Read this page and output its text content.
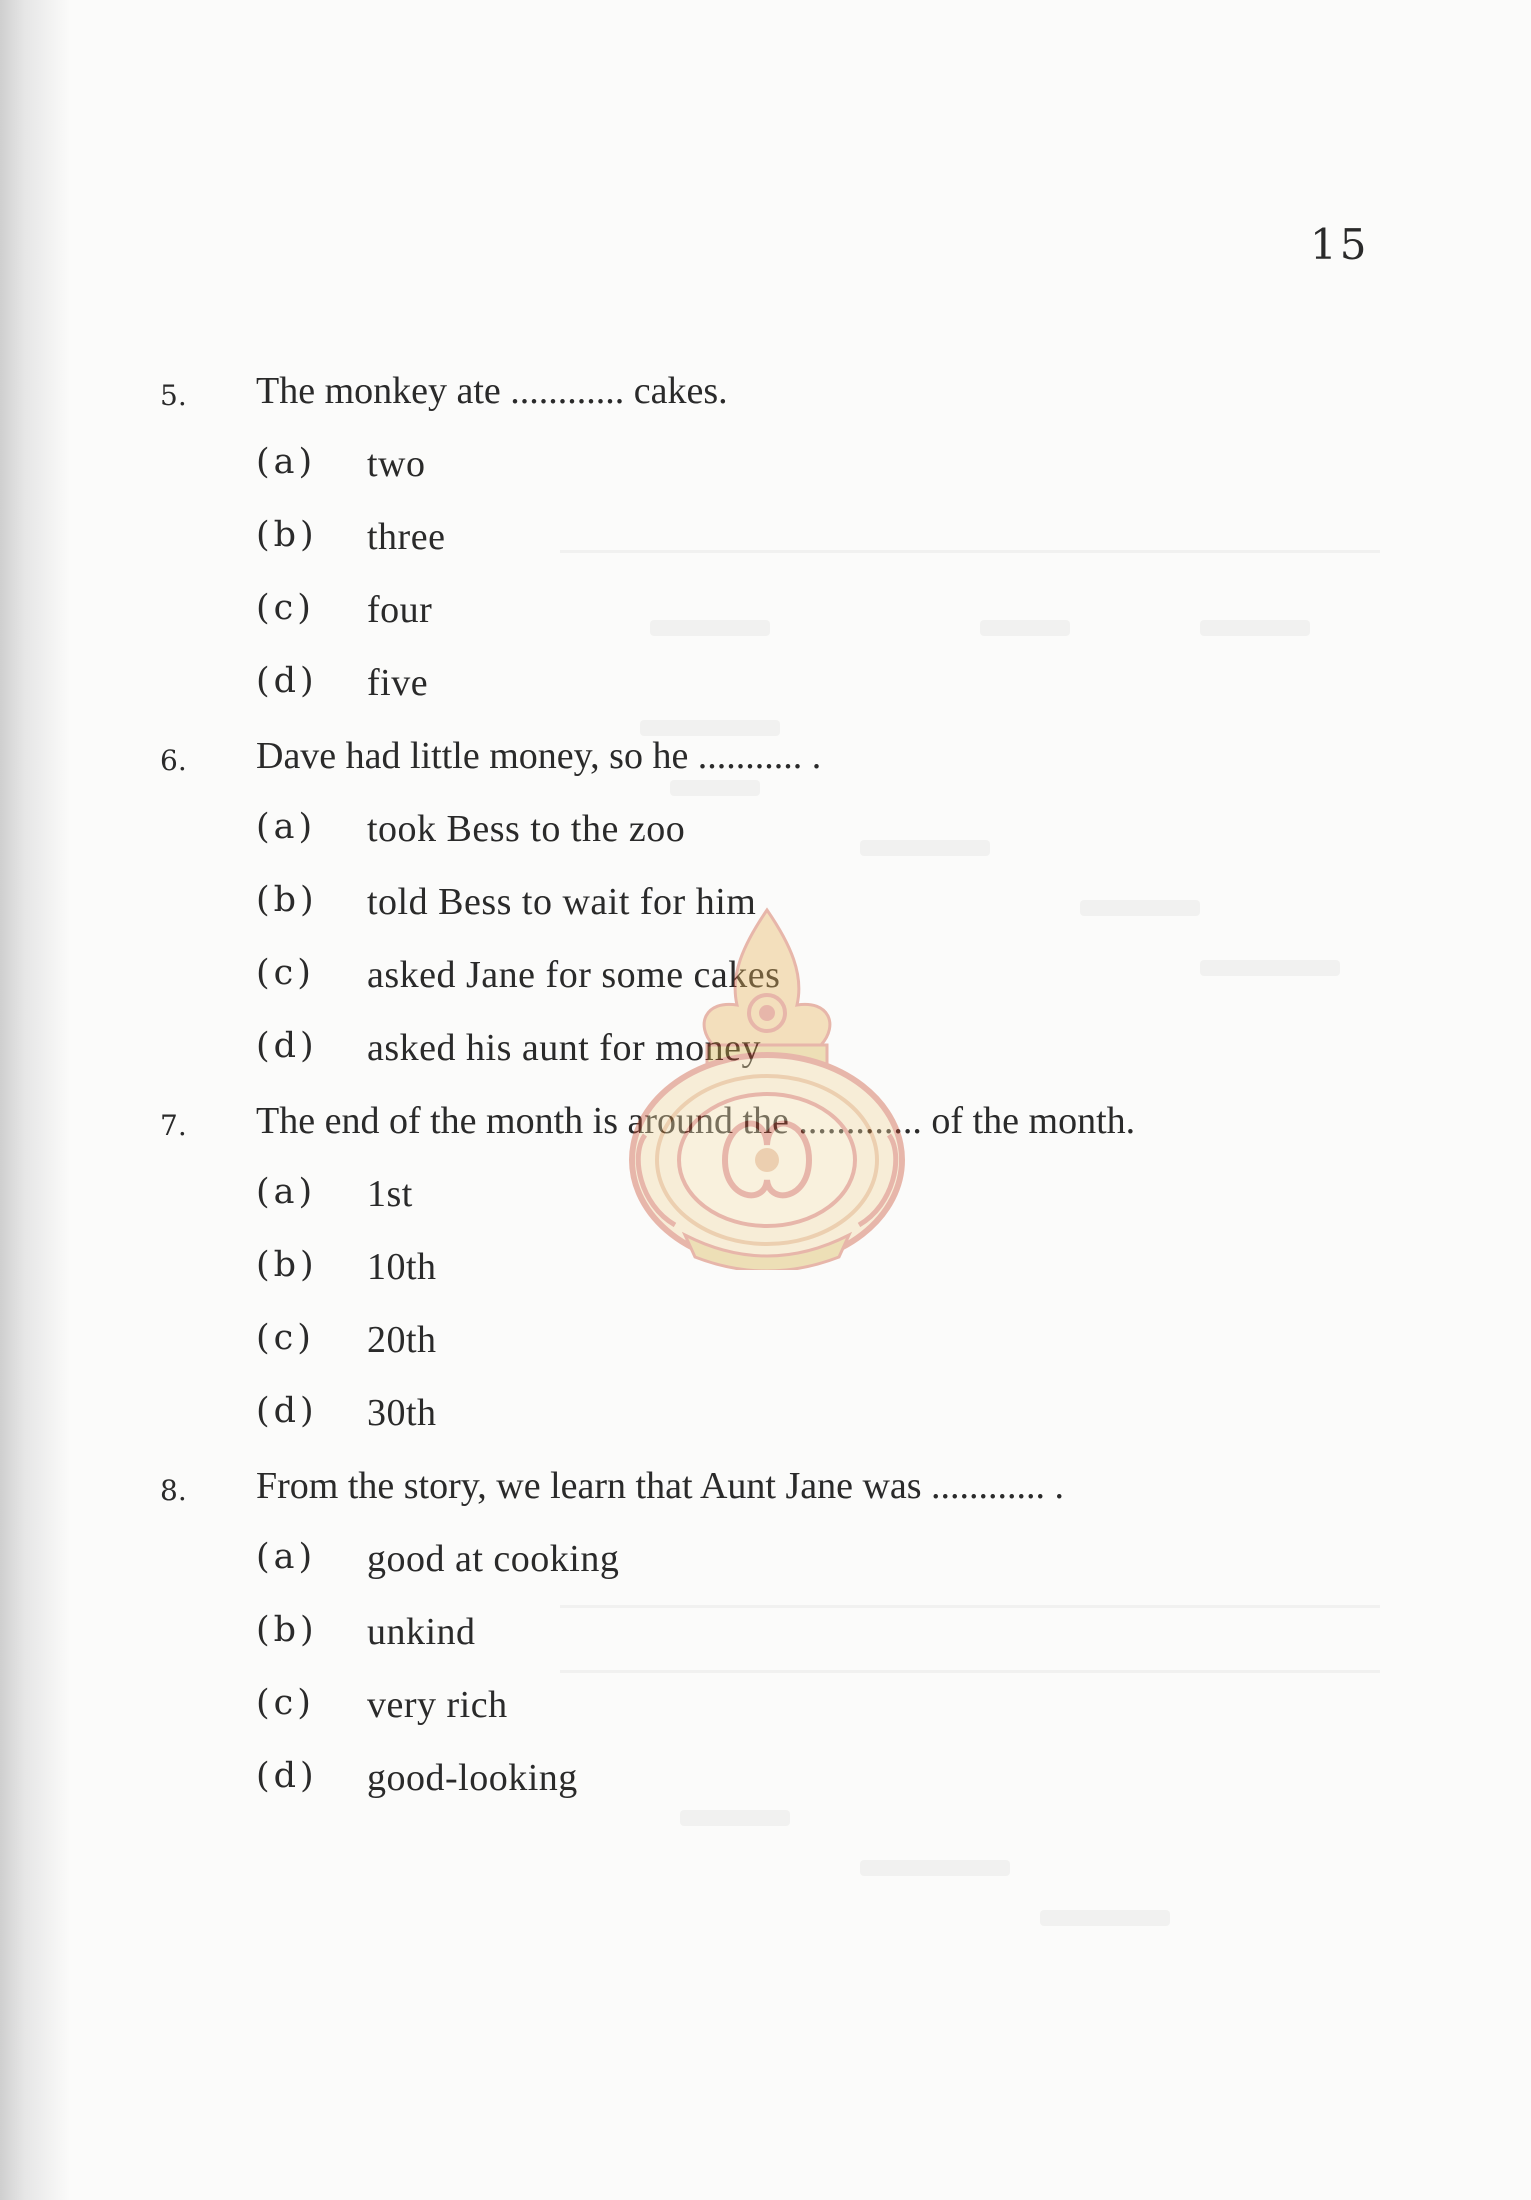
15
5. The monkey ate ............ cakes.
(a) two
(b) three
(c) four
(d) five
6. Dave had little money, so he ........... .
(a) took Bess to the zoo
(b) told Bess to wait for him
(c) asked Jane for some cakes
(d) asked his aunt for money
7. The end of the month is around the ............. of the month.
(a) 1st
(b) 10th
(c) 20th
(d) 30th
8. From the story, we learn that Aunt Jane was ............ .
(a) good at cooking
(b) unkind
(c) very rich
(d) good-looking
